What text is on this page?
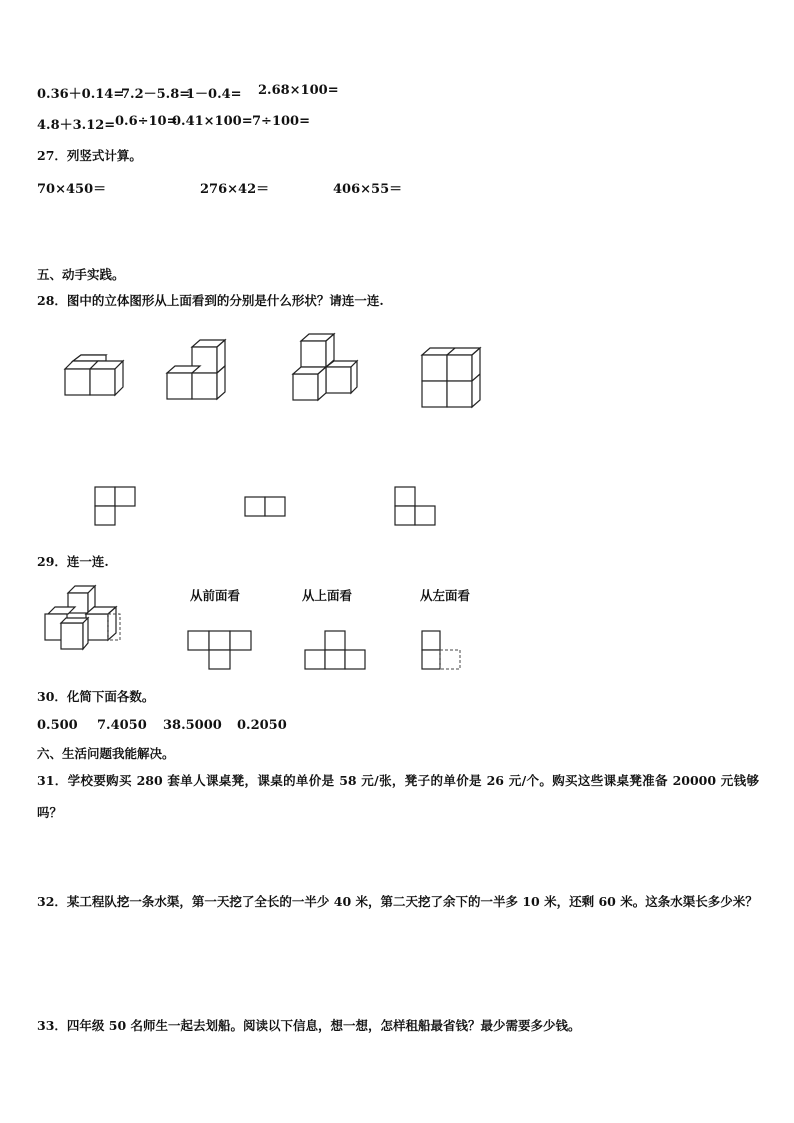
0.36＋0.14=
7.2－5.8=
1－0.4= 2.68×100=
4.8＋3.12= 0.6÷10=
0.41×100= 7÷100=
27．列竖式计算。
70×450＝	276×42＝	406×55＝
五、动手实践。
28．图中的立体图形从上面看到的分别是什么形状？请连一连.
29．连一连.
从前面看	从上面看	从左面看
30．化简下面各数。
0.500 7.4050 38.5000 0.2050
六、生活问题我能解决。
31．学校要购买 280 套单人课桌凳，课桌的单价是 58 元/张，凳子的单价是 26 元/个。购买这些课桌凳准备 20000 元钱够吗？
32．某工程队挖一条水渠，第一天挖了全长的一半少 40 米，第二天挖了余下的一半多 10 米，还剩 60 米。这条水渠长多少米？
33．四年级 50 名师生一起去划船。阅读以下信息，想一想，怎样租船最省钱？最少需要多少钱。
